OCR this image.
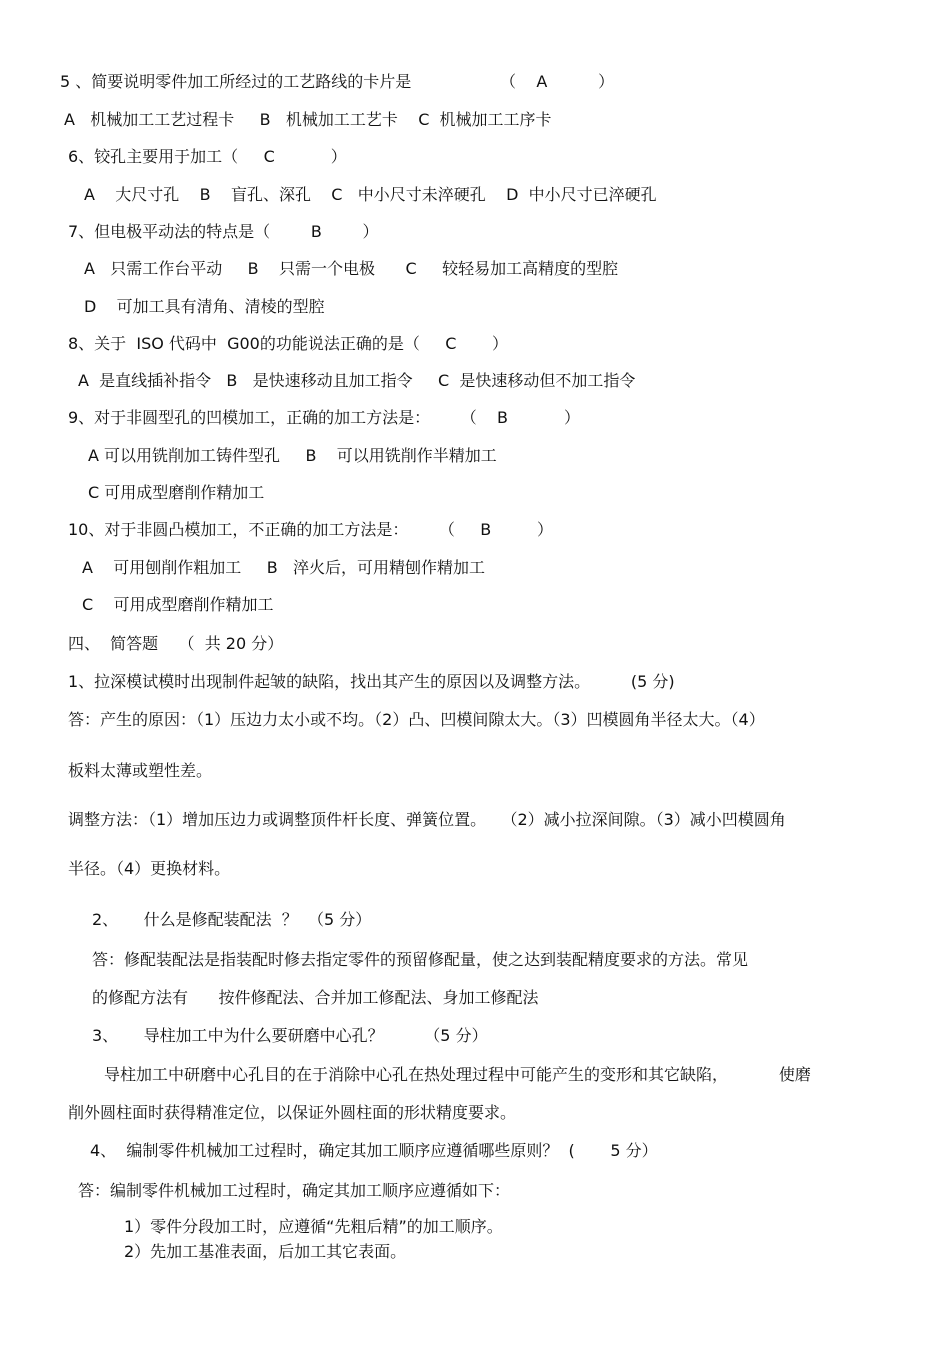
5 、简要说明零件加工所经过的工艺路线的卡片是	（    A          ）
A   机械加工工艺过程卡     B   机械加工工艺卡    C  机械加工工序卡
6、铰孔主要用于加工（     C           ）
A    大尺寸孔    B    盲孔、深孔    C   中小尺寸未淬硬孔    D  中小尺寸已淬硬孔
7、但电极平动法的特点是（        B        ）
A   只需工作台平动     B    只需一个电极      C     较轻易加工高精度的型腔
D    可加工具有清角、清棱的型腔
8、关于  ISO 代码中  G00的功能说法正确的是（     C       ）
A  是直线插补指令   B   是快速移动且加工指令     C  是快速移动但不加工指令
9、对于非圆型孔的凹模加工，正确的加工方法是：      （    B           ）
A 可以用铣削加工铸件型孔     B    可以用铣削作半精加工
C 可用成型磨削作精加工
10、对于非圆凸模加工，不正确的加工方法是：      （     B         ）
A    可用刨削作粗加工     B   淬火后，可用精刨作精加工
C    可用成型磨削作精加工
四、  简答题    （  共 20 分）
1、拉深模试模时出现制件起皱的缺陷，找出其产生的原因以及调整方法。        (5 分)
答：产生的原因：（1）压边力太小或不均。（2）凸、凹模间隙太大。（3）凹模圆角半径太大。（4）
板料太薄或塑性差。
调整方法：（1）增加压边力或调整顶件杆长度、弹簧位置。   （2）减小拉深间隙。（3）减小凹模圆角
半径。（4）更换材料。
2、     什么是修配装配法  ？  （5 分）
答：修配装配法是指装配时修去指定零件的预留修配量，使之达到装配精度要求的方法。常见
的修配方法有      按件修配法、合并加工修配法、身加工修配法
3、     导柱加工中为什么要研磨中心孔？        （5 分）
导柱加工中研磨中心孔目的在于消除中心孔在热处理过程中可能产生的变形和其它缺陷，          使磨
削外圆柱面时获得精准定位，以保证外圆柱面的形状精度要求。
4、  编制零件机械加工过程时，确定其加工顺序应遵循哪些原则？  (       5 分）
答：编制零件机械加工过程时，确定其加工顺序应遵循如下：
1）零件分段加工时，应遵循“先粗后精”的加工顺序。
2）先加工基准表面，后加工其它表面。
